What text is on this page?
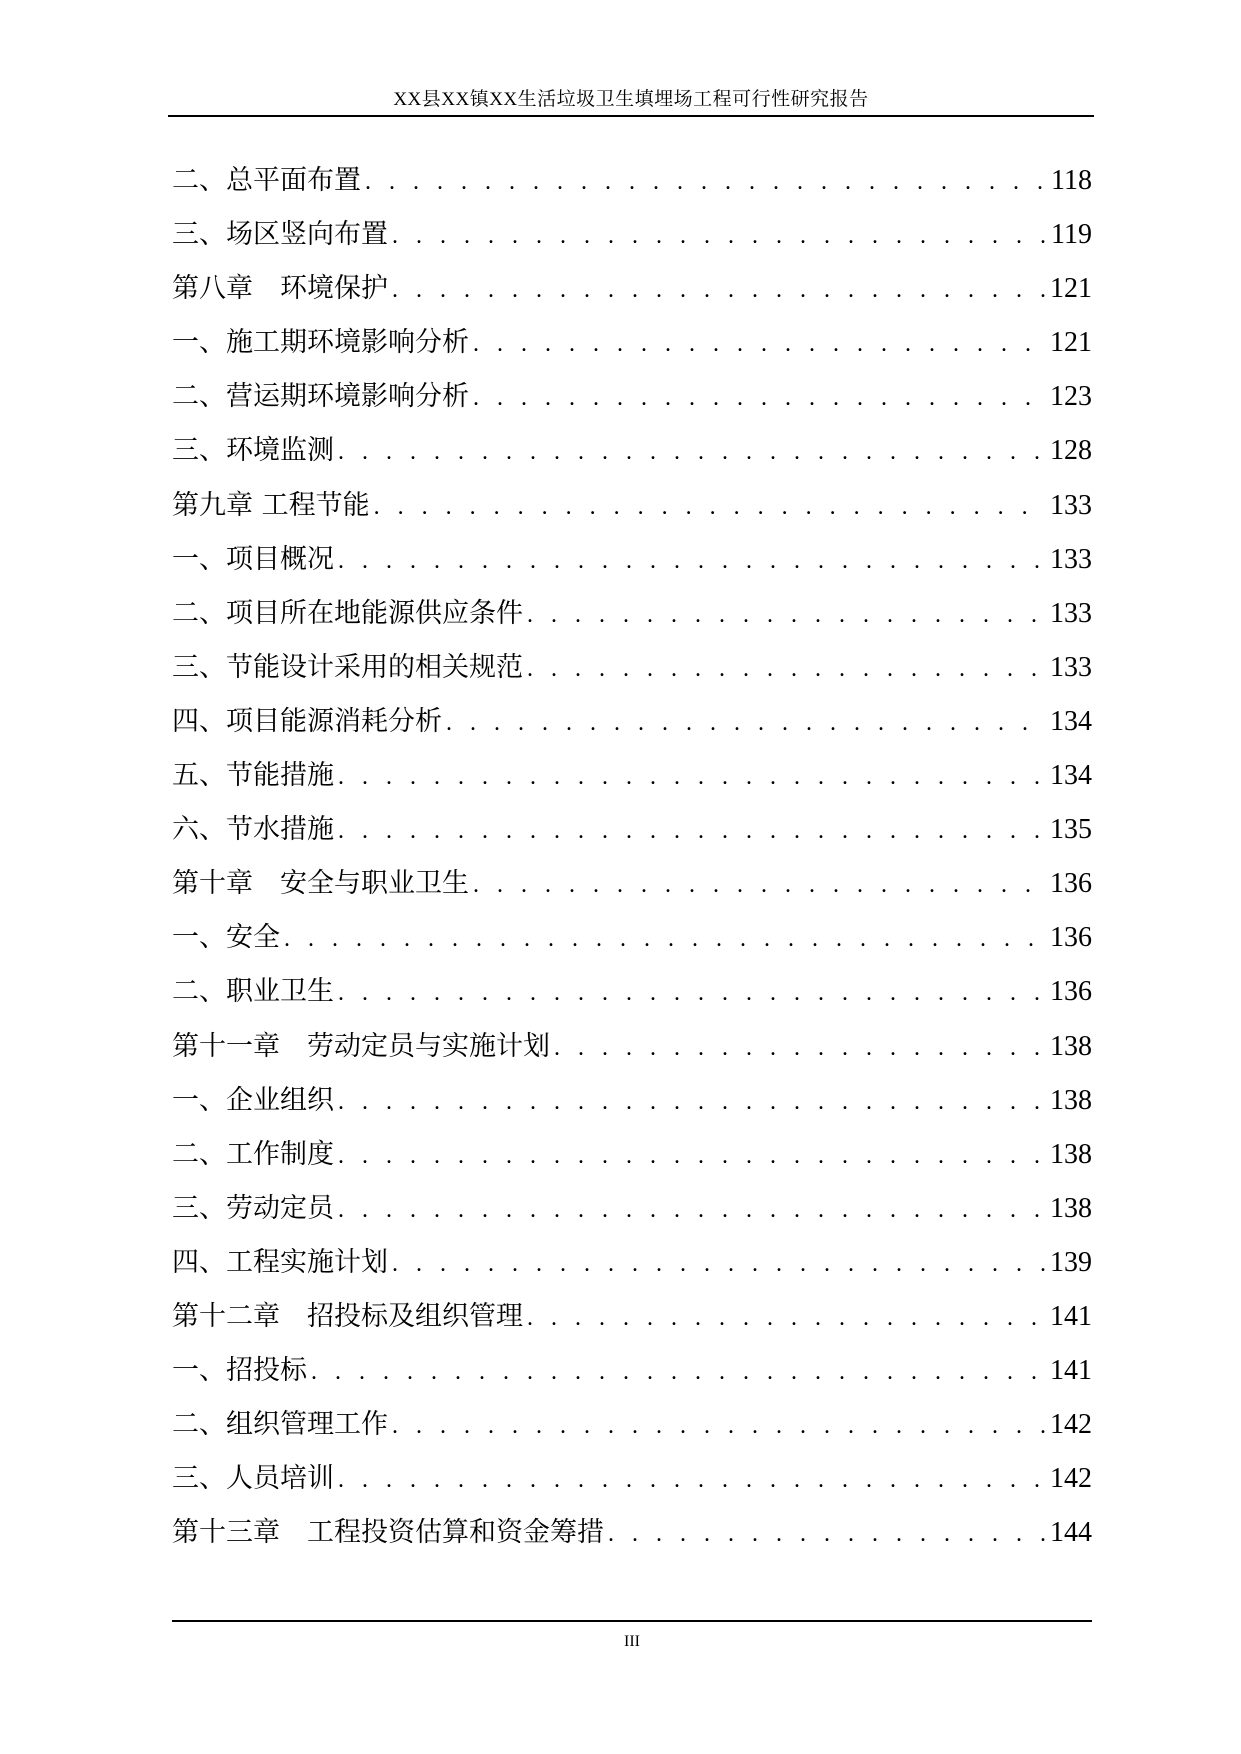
XX县XX镇XX生活垃圾卫生填埋场工程可行性研究报告
二、总平面布置 . . .	118
三、场区竖向布置 . . .	119
第八章　环境保护 . . .	121
一、施工期环境影响分析 . . .	121
二、营运期环境影响分析 . . .	123
三、环境监测 . . .	128
第九章 工程节能 . . .	133
一、项目概况 . . .	133
二、项目所在地能源供应条件 . . .	133
三、节能设计采用的相关规范 . . .	133
四、项目能源消耗分析 . . .	134
五、节能措施 . . .	134
六、节水措施 . . .	135
第十章　安全与职业卫生 . . .	136
一、安全 . . .	136
二、职业卫生 . . .	136
第十一章　劳动定员与实施计划 . . .	138
一、企业组织 . . .	138
二、工作制度 . . .	138
三、劳动定员 . . .	138
四、工程实施计划 . . .	139
第十二章　招投标及组织管理 . . .	141
一、招投标 . . .	141
二、组织管理工作 . . .	142
三、人员培训 . . .	142
第十三章　工程投资估算和资金筹措 . . .	144
III
